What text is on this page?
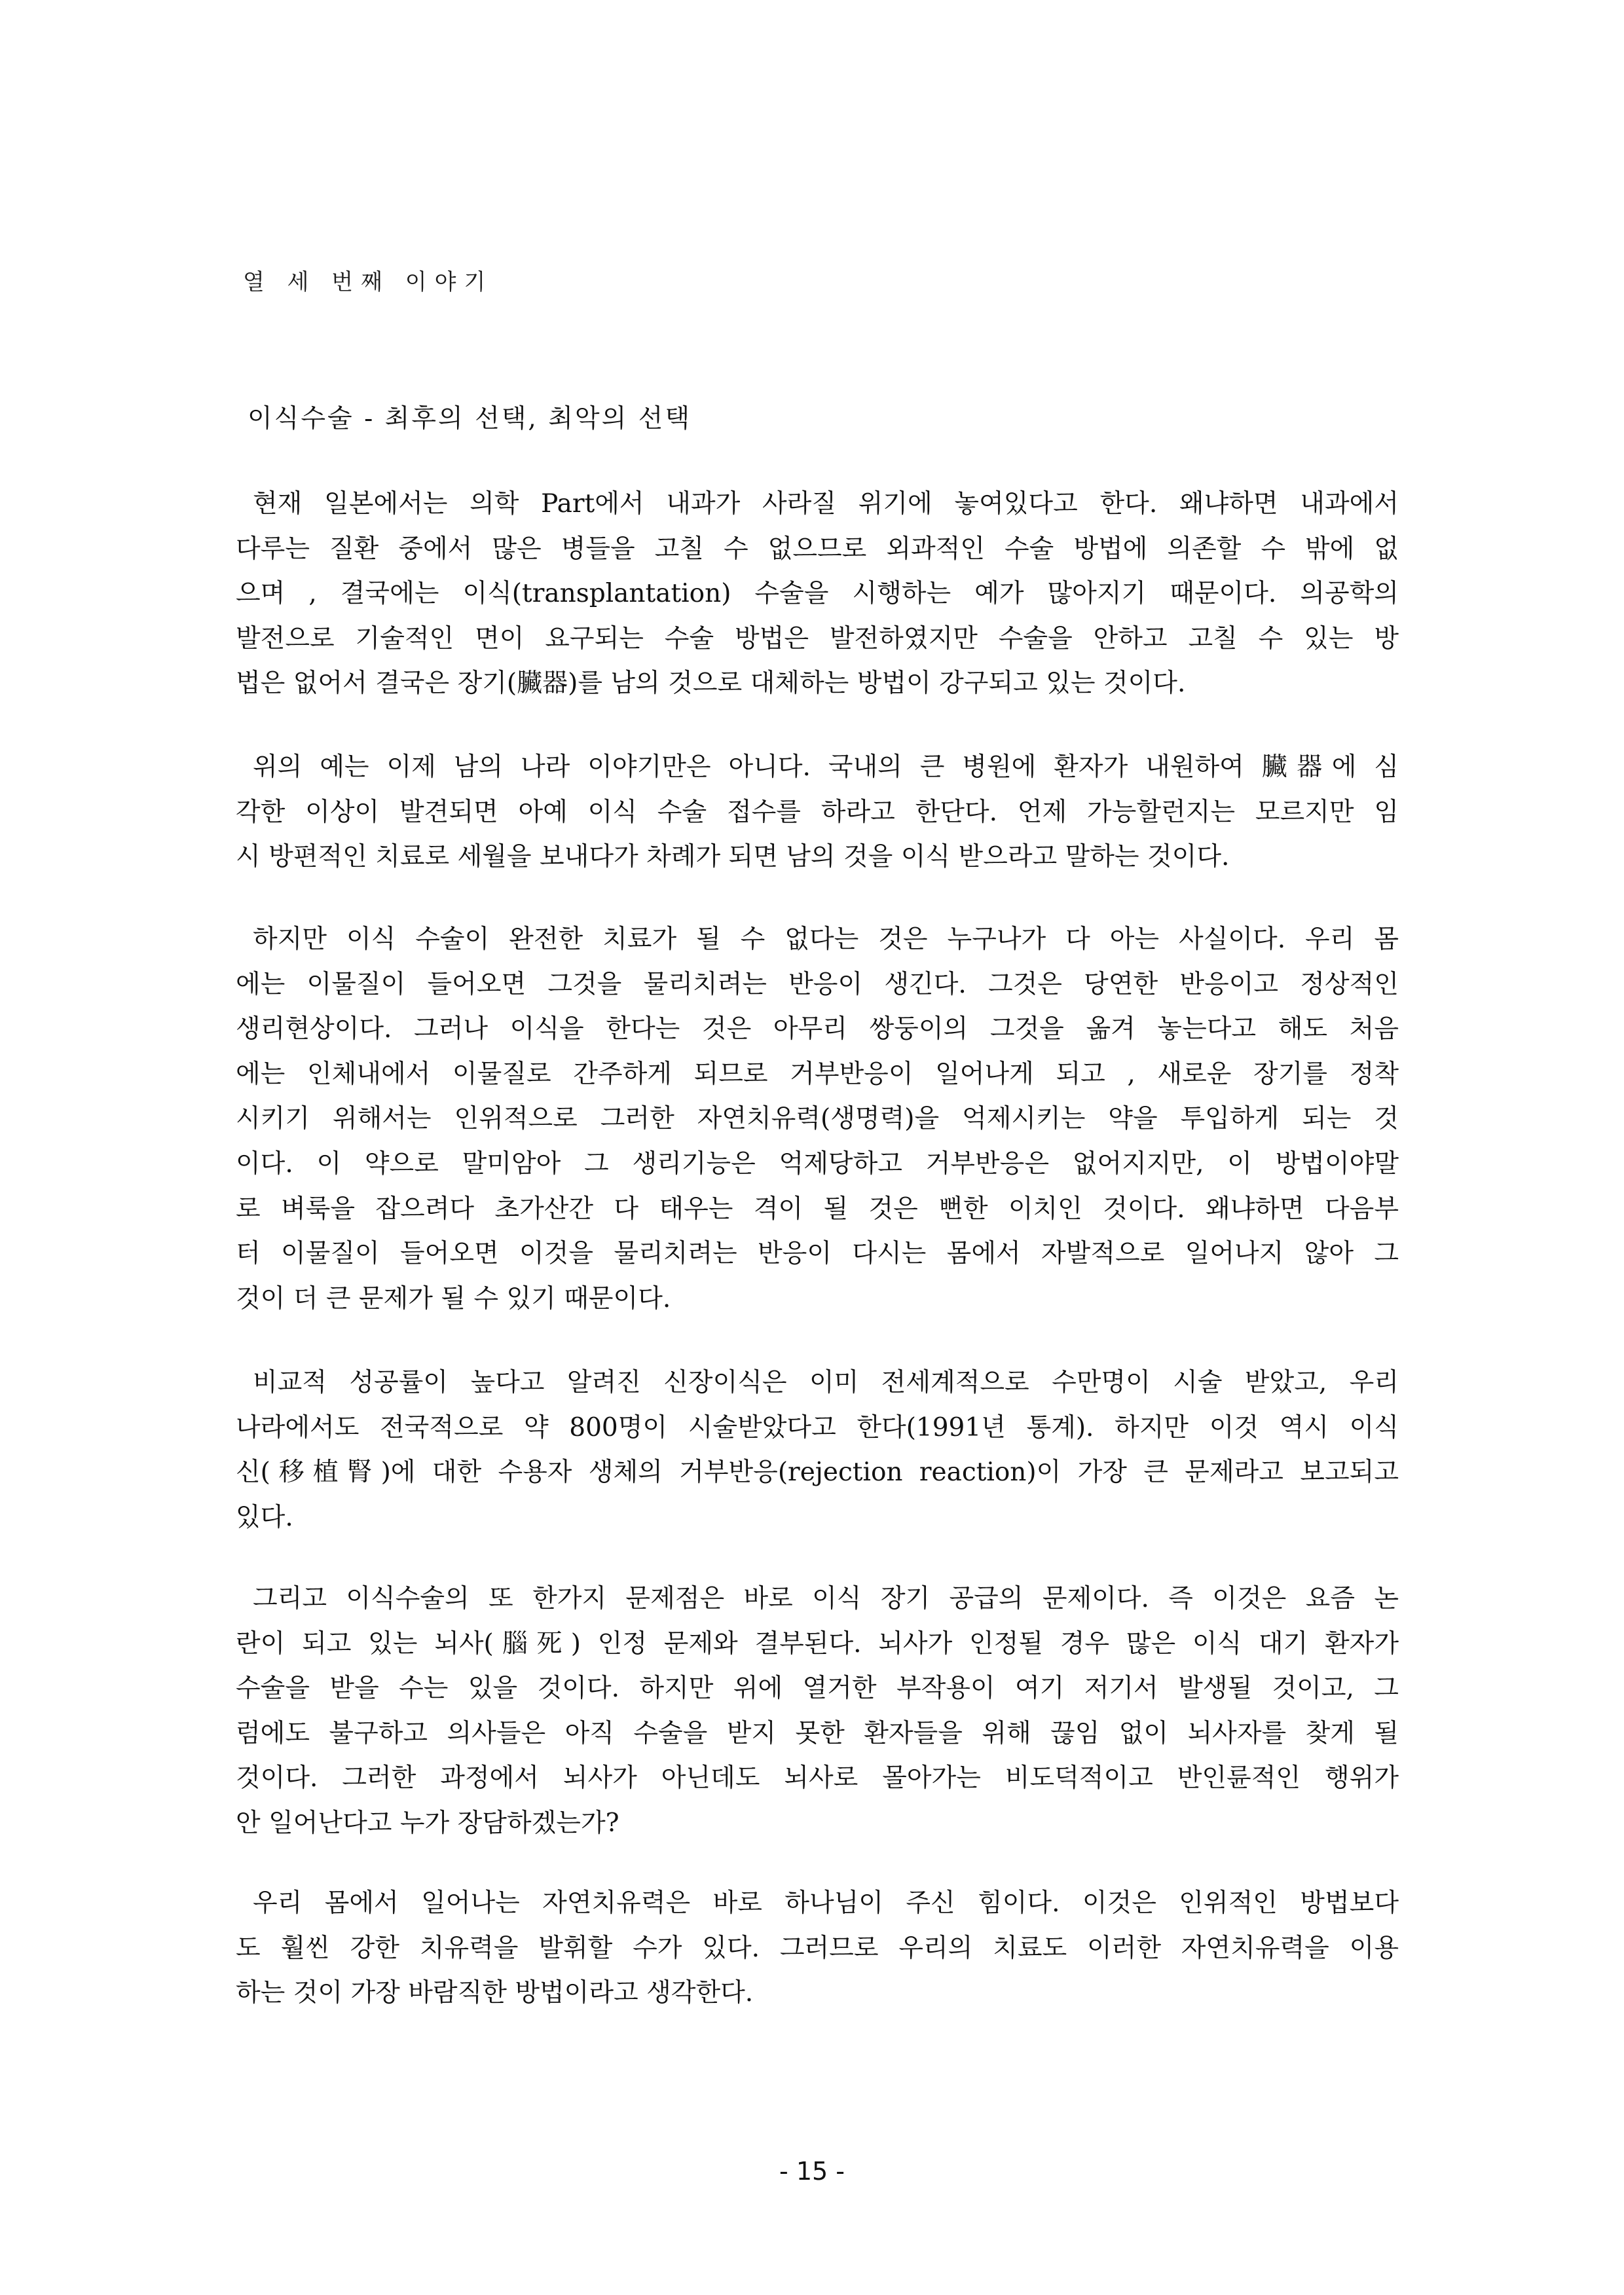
열 세 번째 이야기
이식수술 - 최후의 선택, 최악의 선택
현재 일본에서는 의학 Part에서 내과가 사라질 위기에 놓여있다고 한다. 왜냐하면 내과에서
다루는 질환 중에서 많은 병들을 고칠 수 없으므로 외과적인 수술 방법에 의존할 수 밖에 없
으며 , 결국에는 이식(transplantation) 수술을 시행하는 예가 많아지기 때문이다. 의공학의
발전으로 기술적인 면이 요구되는 수술 방법은 발전하였지만 수술을 안하고 고칠 수 있는 방
법은 없어서 결국은 장기(臟器)를 남의 것으로 대체하는 방법이 강구되고 있는 것이다.
위의 예는 이제 남의 나라 이야기만은 아니다. 국내의 큰 병원에 환자가 내원하여 臟器에 심
각한 이상이 발견되면 아예 이식 수술 접수를 하라고 한단다. 언제 가능할런지는 모르지만 임
시 방편적인 치료로 세월을 보내다가 차례가 되면 남의 것을 이식 받으라고 말하는 것이다.
하지만 이식 수술이 완전한 치료가 될 수 없다는 것은 누구나가 다 아는 사실이다. 우리 몸
에는 이물질이 들어오면 그것을 물리치려는 반응이 생긴다. 그것은 당연한 반응이고 정상적인
생리현상이다. 그러나 이식을 한다는 것은 아무리 쌍둥이의 그것을 옮겨 놓는다고 해도 처음
에는 인체내에서 이물질로 간주하게 되므로 거부반응이 일어나게 되고 , 새로운 장기를 정착
시키기 위해서는 인위적으로 그러한 자연치유력(생명력)을 억제시키는 약을 투입하게 되는 것
이다. 이 약으로 말미암아 그 생리기능은 억제당하고 거부반응은 없어지지만, 이 방법이야말
로 벼룩을 잡으려다 초가산간 다 태우는 격이 될 것은 뻔한 이치인 것이다. 왜냐하면 다음부
터 이물질이 들어오면 이것을 물리치려는 반응이 다시는 몸에서 자발적으로 일어나지 않아 그
것이 더 큰 문제가 될 수 있기 때문이다.
비교적 성공률이 높다고 알려진 신장이식은 이미 전세계적으로 수만명이 시술 받았고, 우리
나라에서도 전국적으로 약 800명이 시술받았다고 한다(1991년 통계). 하지만 이것 역시 이식
신(移植腎)에 대한 수용자 생체의 거부반응(rejection reaction)이 가장 큰 문제라고 보고되고
있다.
그리고 이식수술의 또 한가지 문제점은 바로 이식 장기 공급의 문제이다. 즉 이것은 요즘 논
란이 되고 있는 뇌사(腦死) 인정 문제와 결부된다. 뇌사가 인정될 경우 많은 이식 대기 환자가
수술을 받을 수는 있을 것이다. 하지만 위에 열거한 부작용이 여기 저기서 발생될 것이고, 그
럼에도 불구하고 의사들은 아직 수술을 받지 못한 환자들을 위해 끊임 없이 뇌사자를 찾게 될
것이다. 그러한 과정에서 뇌사가 아닌데도 뇌사로 몰아가는 비도덕적이고 반인륜적인 행위가
안 일어난다고 누가 장담하겠는가?
우리 몸에서 일어나는 자연치유력은 바로 하나님이 주신 힘이다. 이것은 인위적인 방법보다
도 훨씬 강한 치유력을 발휘할 수가 있다. 그러므로 우리의 치료도 이러한 자연치유력을 이용
하는 것이 가장 바람직한 방법이라고 생각한다.
- 15 -
